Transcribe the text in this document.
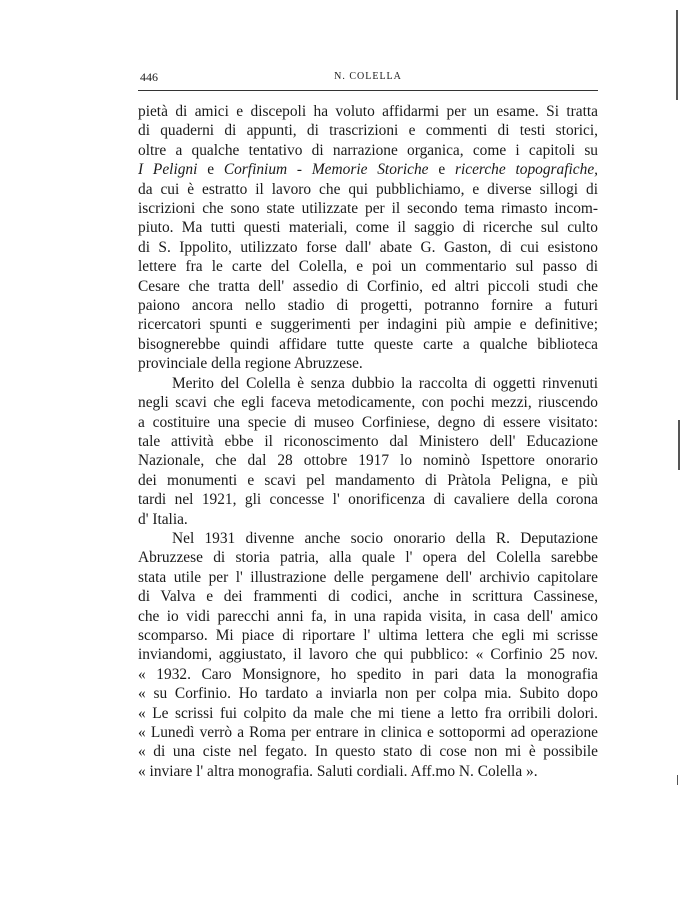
446	N. COLELLA
pietà di amici e discepoli ha voluto affidarmi per un esame. Si tratta
di quaderni di appunti, di trascrizioni e commenti di testi storici,
oltre a qualche tentativo di narrazione organica, come i capitoli su
I Peligni e Corfinium - Memorie Storiche e ricerche topografiche,
da cui è estratto il lavoro che qui pubblichiamo, e diverse sillogi di
iscrizioni che sono state utilizzate per il secondo tema rimasto incom-
piuto. Ma tutti questi materiali, come il saggio di ricerche sul culto
di S. Ippolito, utilizzato forse dall' abate G. Gaston, di cui esistono
lettere fra le carte del Colella, e poi un commentario sul passo di
Cesare che tratta dell' assedio di Corfinio, ed altri piccoli studi che
paiono ancora nello stadio di progetti, potranno fornire a futuri
ricercatori spunti e suggerimenti per indagini più ampie e definitive;
bisognerebbe quindi affidare tutte queste carte a qualche biblioteca
provinciale della regione Abruzzese.
Merito del Colella è senza dubbio la raccolta di oggetti rinvenuti
negli scavi che egli faceva metodicamente, con pochi mezzi, riuscendo
a costituire una specie di museo Corfiniese, degno di essere visitato:
tale attività ebbe il riconoscimento dal Ministero dell' Educazione
Nazionale, che dal 28 ottobre 1917 lo nominò Ispettore onorario
dei monumenti e scavi pel mandamento di Pràtola Peligna, e più
tardi nel 1921, gli concesse l' onorificenza di cavaliere della corona
d' Italia.
Nel 1931 divenne anche socio onorario della R. Deputazione
Abruzzese di storia patria, alla quale l' opera del Colella sarebbe
stata utile per l' illustrazione delle pergamene dell' archivio capitolare
di Valva e dei frammenti di codici, anche in scrittura Cassinese,
che io vidi parecchi anni fa, in una rapida visita, in casa dell' amico
scomparso. Mi piace di riportare l' ultima lettera che egli mi scrisse
inviandomi, aggiustato, il lavoro che qui pubblico: « Corfinio 25 nov.
« 1932. Caro Monsignore, ho spedito in pari data la monografia
« su Corfinio. Ho tardato a inviarla non per colpa mia. Subito dopo
« Le scrissi fui colpito da male che mi tiene a letto fra orribili dolori.
« Lunedì verrò a Roma per entrare in clinica e sottopormi ad operazione
« di una ciste nel fegato. In questo stato di cose non mi è possibile
« inviare l' altra monografia. Saluti cordiali. Aff.mo N. Colella ».
